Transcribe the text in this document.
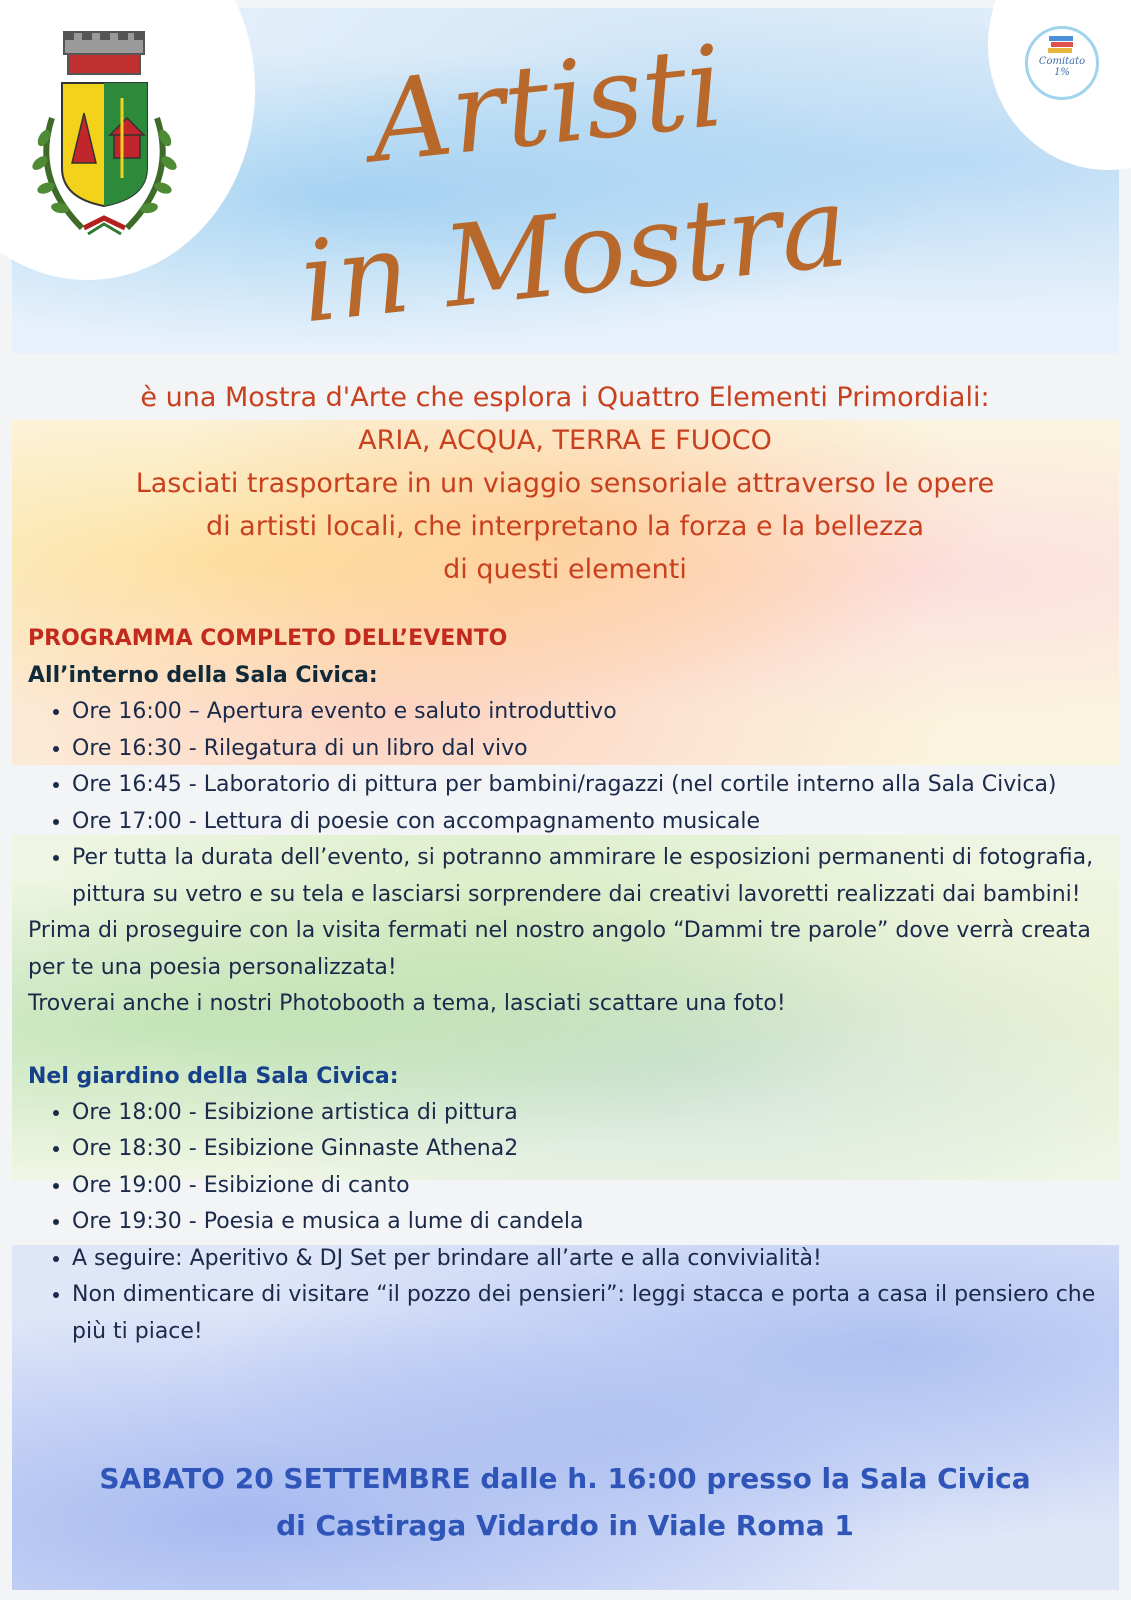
Comitato
1%
Artisti
in Mostra
è una Mostra d'Arte che esplora i Quattro Elementi Primordiali:
ARIA, ACQUA, TERRA E FUOCO
Lasciati trasportare in un viaggio sensoriale attraverso le opere
di artisti locali, che interpretano la forza e la bellezza
di questi elementi
PROGRAMMA COMPLETO DELL’EVENTO
All’interno della Sala Civica:
• Ore 16:00 – Apertura evento e saluto introduttivo
• Ore 16:30 - Rilegatura di un libro dal vivo
• Ore 16:45 - Laboratorio di pittura per bambini/ragazzi (nel cortile interno alla Sala Civica)
• Ore 17:00 - Lettura di poesie con accompagnamento musicale
• Per tutta la durata dell’evento, si potranno ammirare le esposizioni permanenti di fotografia, pittura su vetro e su tela e lasciarsi sorprendere dai creativi lavoretti realizzati dai bambini!
Prima di proseguire con la visita fermati nel nostro angolo “Dammi tre parole” dove verrà creata per te una poesia personalizzata!
Troverai anche i nostri Photobooth a tema, lasciati scattare una foto!
Nel giardino della Sala Civica:
• Ore 18:00 - Esibizione artistica di pittura
• Ore 18:30 - Esibizione Ginnaste Athena2
• Ore 19:00 - Esibizione di canto
• Ore 19:30 - Poesia e musica a lume di candela
• A seguire: Aperitivo & DJ Set per brindare all’arte e alla convivialità!
• Non dimenticare di visitare “il pozzo dei pensieri”: leggi stacca e porta a casa il pensiero che più ti piace!
SABATO 20 SETTEMBRE dalle h. 16:00 presso la Sala Civica
di Castiraga Vidardo in Viale Roma 1
